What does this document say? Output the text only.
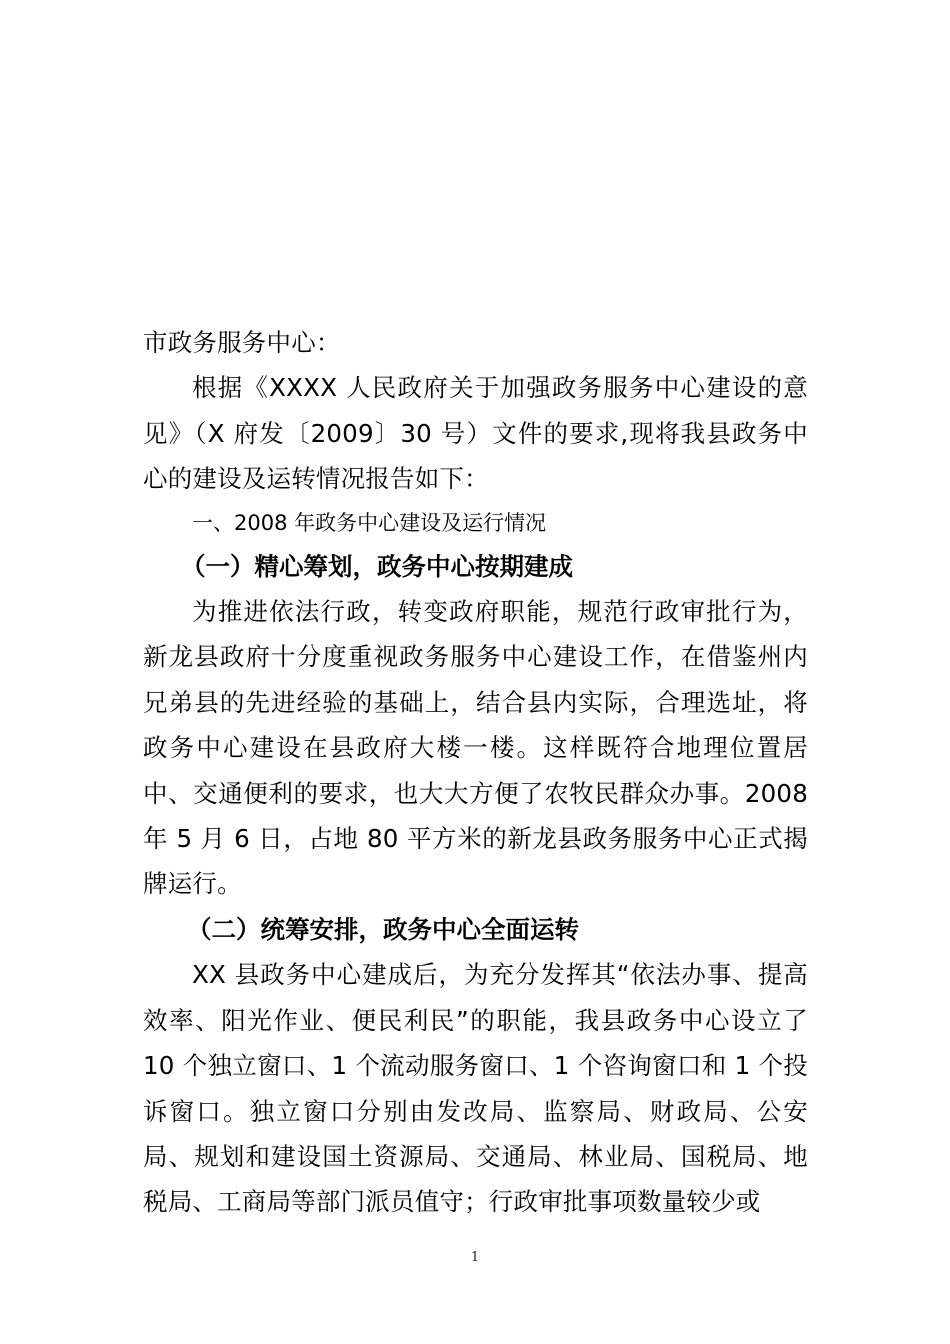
市政务服务中心：

根据《XXXX 人民政府关于加强政务服务中心建设的意见》（X 府发〔2009〕30 号）文件的要求,现将我县政务中心的建设及运转情况报告如下：

一、2008 年政务中心建设及运行情况

（一）精心筹划，政务中心按期建成

为推进依法行政，转变政府职能，规范行政审批行为，新龙县政府十分度重视政务服务中心建设工作，在借鉴州内兄弟县的先进经验的基础上，结合县内实际，合理选址，将政务中心建设在县政府大楼一楼。这样既符合地理位置居中、交通便利的要求，也大大方便了农牧民群众办事。2008 年 5 月 6 日，占地 80 平方米的新龙县政务服务中心正式揭牌运行。

（二）统筹安排，政务中心全面运转

XX 县政务中心建成后，为充分发挥其“依法办事、提高效率、阳光作业、便民利民”的职能，我县政务中心设立了 10 个独立窗口、1 个流动服务窗口、1 个咨询窗口和 1 个投诉窗口。独立窗口分别由发改局、监察局、财政局、公安局、规划和建设国土资源局、交通局、林业局、国税局、地税局、工商局等部门派员值守；行政审批事项数量较少或

1
